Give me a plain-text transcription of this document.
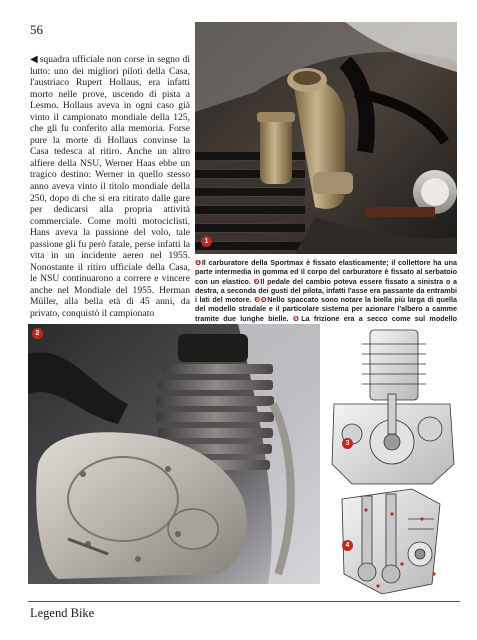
56

◀ squadra ufficiale non corse in segno di lutto: uno dei migliori piloti della Casa, l'austriaco Rupert Hollaus, era infatti morto nelle prove, uscendo di pista a Lesmo. Hollaus aveva in ogni caso già vinto il campionato mondiale della 125, che gli fu conferito alla memoria. Forse pure la morte di Hollaus convinse la Casa tedesca al ritiro. Anche un altro alfiere della NSU, Werner Haas ebbe un tragico destino: Werner in quello stesso anno aveva vinto il titolo mondiale della 250, dopo di che si era ritirato dalle gare per dedicarsi alla propria attività commerciale. Come molti motociclisti, Hans aveva la passione del volo, tale passione gli fu però fatale, perse infatti la vita in un incidente aereo nel 1955. Nonostante il ritiro ufficiale della Casa, le NSU continuarono a correre e vincere anche nel Mondiale del 1955. Herman Müller, alla bella età di 45 anni, da privato, conquistò il campionato

1

❶Il carburatore della Sportmax è fissato elasticamente; il collettore ha una parte intermedia in gomma ed il corpo del carburatore è fissato al serbatoio con un elastico. ❷Il pedale del cambio poteva essere fissato a sinistra o a destra, a seconda dei gusti del pilota, infatti l'asse era passante da entrambi i lati del motore. ❸❹Nello spaccato sono notare la biella più larga di quella del modello stradale e il particolare sistema per azionare l'albero a camme tramite due lunghe bielle. ❺La frizione era a secco come sul modello

2
3
4
Legend Bike
